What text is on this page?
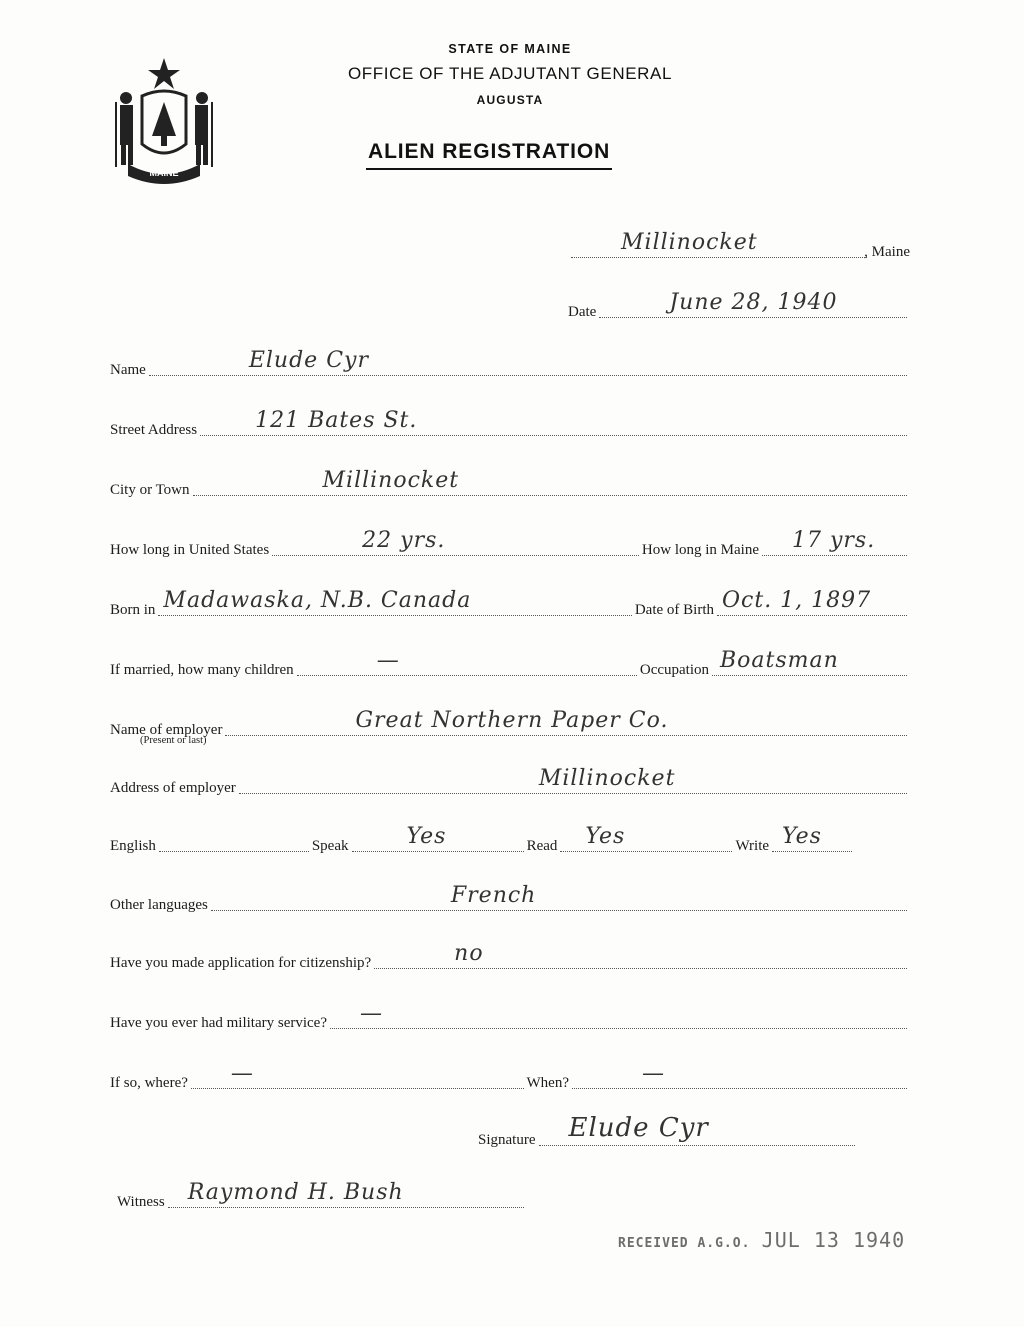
MAINE
STATE OF MAINE
OFFICE OF THE ADJUTANT GENERAL
AUGUSTA
ALIEN REGISTRATION
Millinocket	, Maine
Date	June 28, 1940
Name	Elude Cyr
Street Address	121 Bates St.
City or Town	Millinocket
How long in United States	22 yrs.	How long in Maine 17 yrs.
Born in Madawaska, N.B. Canada	Date of Birth Oct. 1, 1897
If married, how many children	—	Occupation Boatsman
Name of employer	Great Northern Paper Co.
(Present or last)
Address of employer	Millinocket
English	Speak	Yes	Read Yes	Write Yes
Other languages	French
Have you made application for citizenship?	no
Have you ever had military service? —
If so, where? —	When?	—
Signature Elude Cyr
Witness Raymond H. Bush
RECEIVED A.G.O. JUL 13 1940
